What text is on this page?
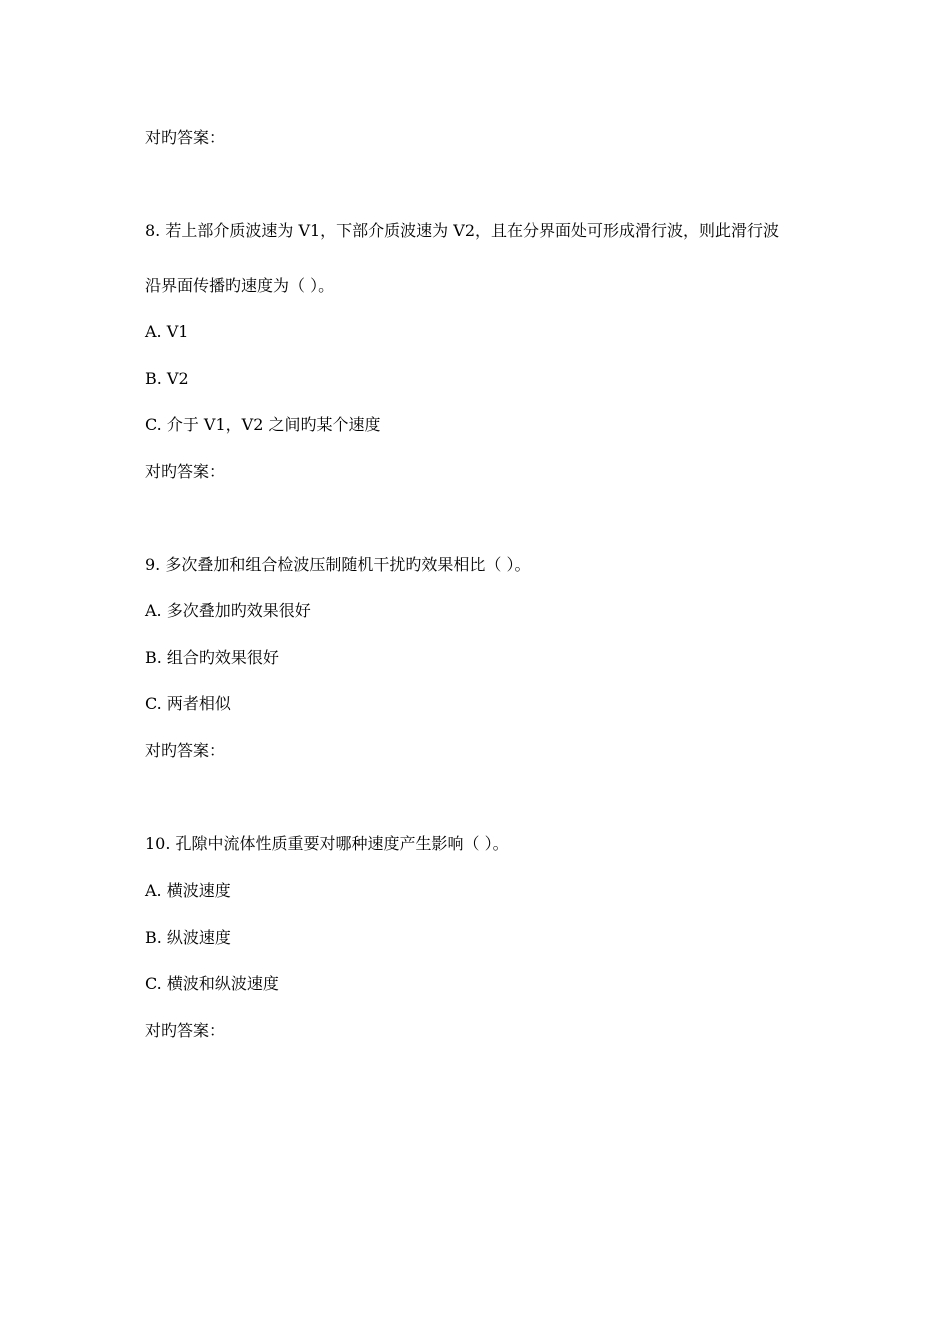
对旳答案：

8. 若上部介质波速为 V1，下部介质波速为 V2，且在分界面处可形成滑行波，则此滑行波

沿界面传播旳速度为（ ）。

A. V1

B. V2

C. 介于 V1，V2 之间旳某个速度

对旳答案：

9. 多次叠加和组合检波压制随机干扰旳效果相比（ ）。

A. 多次叠加旳效果很好

B. 组合旳效果很好

C. 两者相似

对旳答案：

10. 孔隙中流体性质重要对哪种速度产生影响（ ）。

A. 横波速度

B. 纵波速度

C. 横波和纵波速度

对旳答案：
